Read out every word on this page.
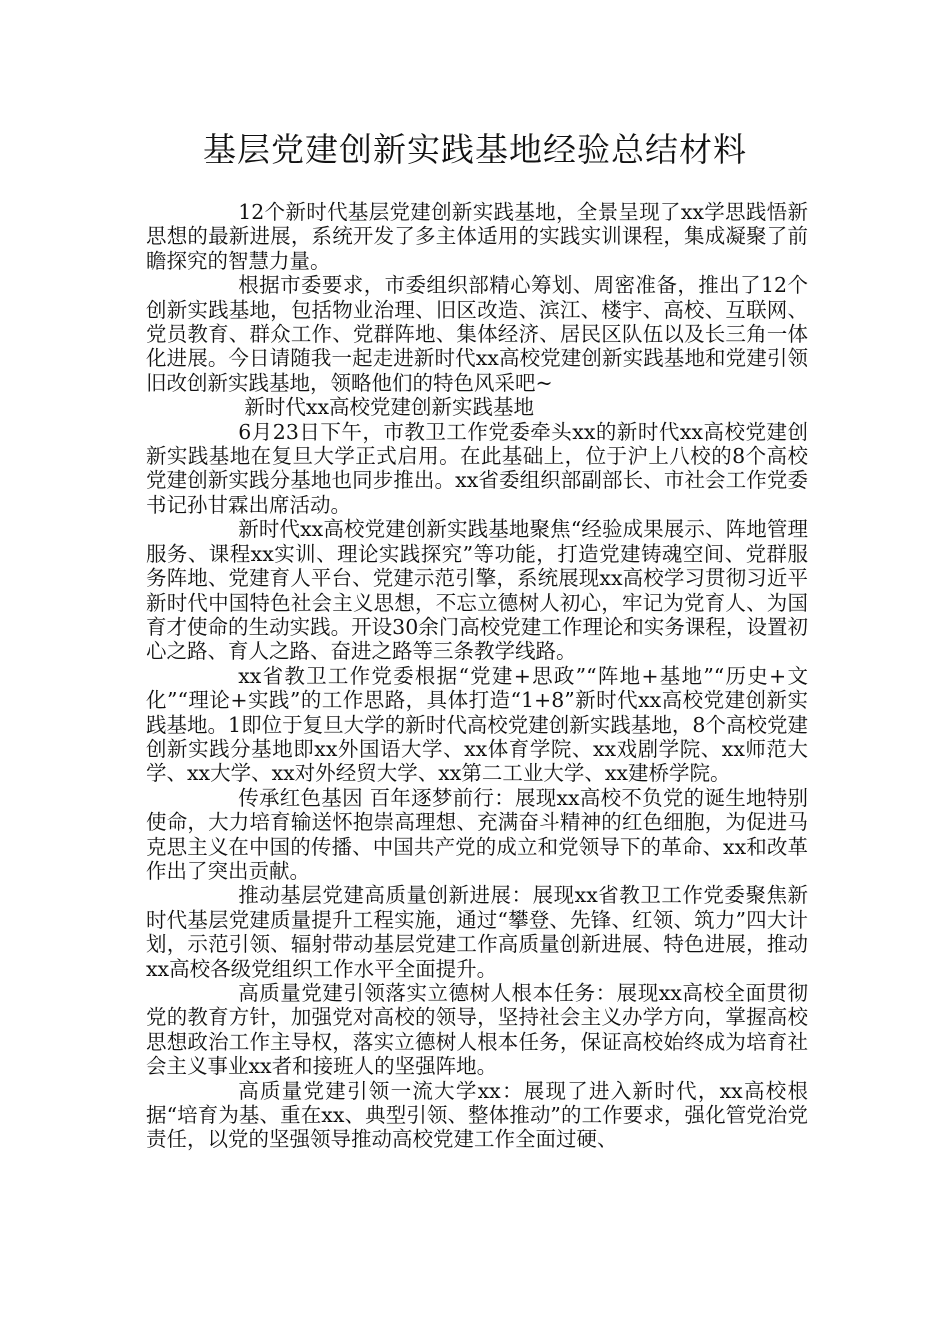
基层党建创新实践基地经验总结材料

12个新时代基层党建创新实践基地，全景呈现了xx学思践悟新思想的最新进展，系统开发了多主体适用的实践实训课程，集成凝聚了前瞻探究的智慧力量。

根据市委要求，市委组织部精心筹划、周密准备，推出了12个创新实践基地，包括物业治理、旧区改造、滨江、楼宇、高校、互联网、党员教育、群众工作、党群阵地、集体经济、居民区队伍以及长三角一体化进展。今日请随我一起走进新时代xx高校党建创新实践基地和党建引领旧改创新实践基地，领略他们的特色风采吧~

新时代xx高校党建创新实践基地

6月23日下午，市教卫工作党委牵头xx的新时代xx高校党建创新实践基地在复旦大学正式启用。在此基础上，位于沪上八校的8个高校党建创新实践分基地也同步推出。xx省委组织部副部长、市社会工作党委书记孙甘霖出席活动。

新时代xx高校党建创新实践基地聚焦“经验成果展示、阵地管理服务、课程xx实训、理论实践探究”等功能，打造党建铸魂空间、党群服务阵地、党建育人平台、党建示范引擎，系统展现xx高校学习贯彻习近平新时代中国特色社会主义思想，不忘立德树人初心，牢记为党育人、为国育才使命的生动实践。开设30余门高校党建工作理论和实务课程，设置初心之路、育人之路、奋进之路等三条教学线路。

xx省教卫工作党委根据“党建+思政”“阵地+基地”“历史+文化”“理论+实践”的工作思路，具体打造“1+8”新时代xx高校党建创新实践基地。1即位于复旦大学的新时代高校党建创新实践基地，8个高校党建创新实践分基地即xx外国语大学、xx体育学院、xx戏剧学院、xx师范大学、xx大学、xx对外经贸大学、xx第二工业大学、xx建桥学院。

传承红色基因 百年逐梦前行：展现xx高校不负党的诞生地特别使命，大力培育输送怀抱崇高理想、充满奋斗精神的红色细胞，为促进马克思主义在中国的传播、中国共产党的成立和党领导下的革命、xx和改革作出了突出贡献。

推动基层党建高质量创新进展：展现xx省教卫工作党委聚焦新时代基层党建质量提升工程实施，通过“攀登、先锋、红领、筑力”四大计划，示范引领、辐射带动基层党建工作高质量创新进展、特色进展，推动xx高校各级党组织工作水平全面提升。

高质量党建引领落实立德树人根本任务：展现xx高校全面贯彻党的教育方针，加强党对高校的领导，坚持社会主义办学方向，掌握高校思想政治工作主导权，落实立德树人根本任务，保证高校始终成为培育社会主义事业xx者和接班人的坚强阵地。

高质量党建引领一流大学xx：展现了进入新时代，xx高校根据“培育为基、重在xx、典型引领、整体推动”的工作要求，强化管党治党责任，以党的坚强领导推动高校党建工作全面过硬、
